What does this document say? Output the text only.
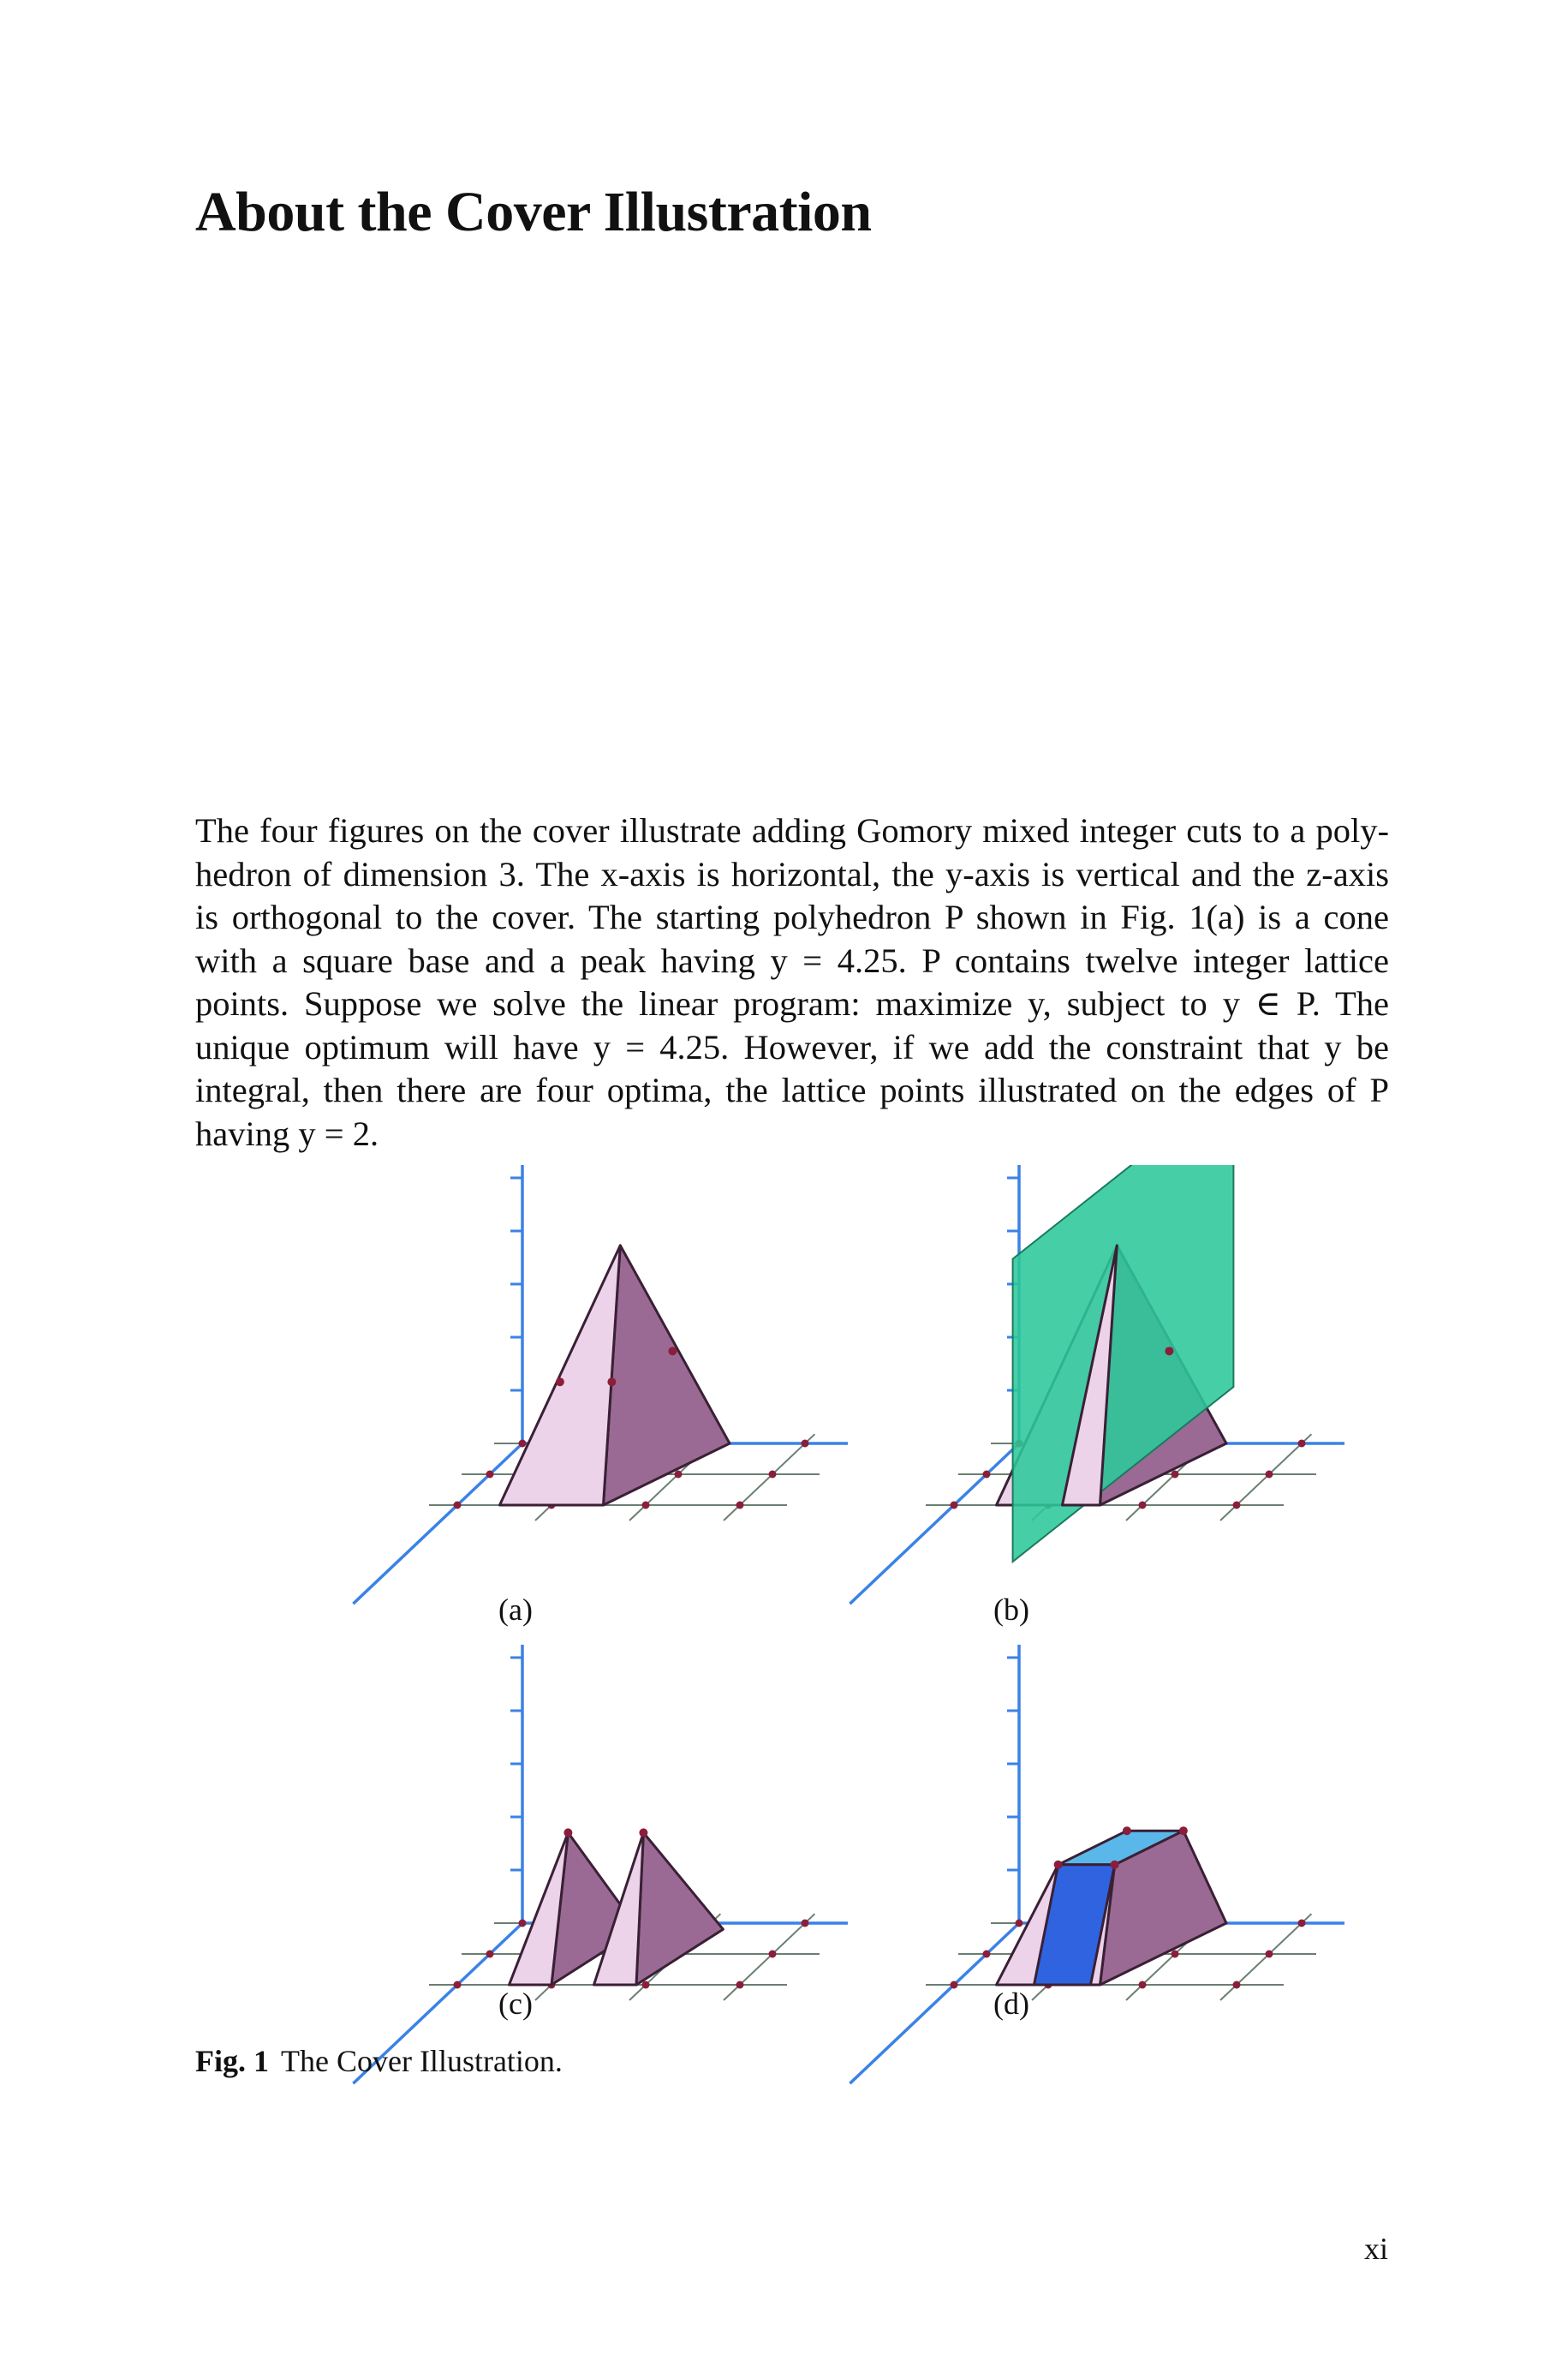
About the Cover Illustration
The four figures on the cover illustrate adding Gomory mixed integer cuts to a poly-
hedron of dimension 3. The x-axis is horizontal, the y-axis is vertical and the z-axis
is orthogonal to the cover. The starting polyhedron P shown in Fig. 1(a) is a cone
with a square base and a peak having y = 4.25. P contains twelve integer lattice
points. Suppose we solve the linear program: maximize y, subject to y ∈ P. The
unique optimum will have y = 4.25. However, if we add the constraint that y be
integral, then there are four optima, the lattice points illustrated on the edges of P
having y = 2.
(a)	(b)
(c)	(d)
Fig. 1 The Cover Illustration.
xi
